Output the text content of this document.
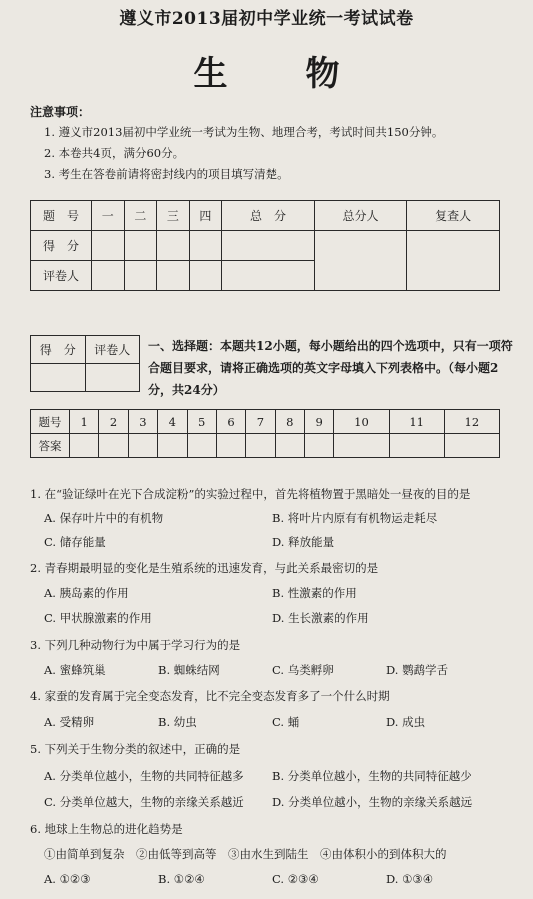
遵义市2013届初中学业统一考试试卷
生　物
注意事项：
1. 遵义市2013届初中学业统一考试为生物、地理合考，考试时间共150分钟。
2. 本卷共4页，满分60分。
3. 考生在答卷前请将密封线内的项目填写清楚。
题　号	一	二	三	四	总　分	总分人	复查人
得　分							
评卷人							
得　分	评卷人
	一、选择题：本题共12小题，每小题给出的四个选项中，只有一项符合题目要求，请将正确选项的英文字母填入下列表格中。（每小题2分，共24分）
题号	1	2	3	4	5	6	7	8	9	10	11	12
答案												
1. 在“验证绿叶在光下合成淀粉”的实验过程中，首先将植物置于黑暗处一昼夜的目的是
A. 保存叶片中的有机物	B. 将叶片内原有有机物运走耗尽
C. 储存能量	D. 释放能量
2. 青春期最明显的变化是生殖系统的迅速发育，与此关系最密切的是
A. 胰岛素的作用	B. 性激素的作用
C. 甲状腺激素的作用	D. 生长激素的作用
3. 下列几种动物行为中属于学习行为的是
A. 蜜蜂筑巢	B. 蜘蛛结网	C. 乌类孵卵	D. 鹦鹉学舌
4. 家蚕的发育属于完全变态发育，比不完全变态发育多了一个什么时期
A. 受精卵	B. 幼虫	C. 蛹	D. 成虫
5. 下列关于生物分类的叙述中，正确的是
A. 分类单位越小，生物的共同特征越多 B. 分类单位越小，生物的共同特征越少
C. 分类单位越大，生物的亲缘关系越近 D. 分类单位越小，生物的亲缘关系越远
6. 地球上生物总的进化趋势是
①由简单到复杂　②由低等到高等　③由水生到陆生　④由体积小的到体积大的
A. ①②③	B. ①②④	C. ②③④	D. ①③④
